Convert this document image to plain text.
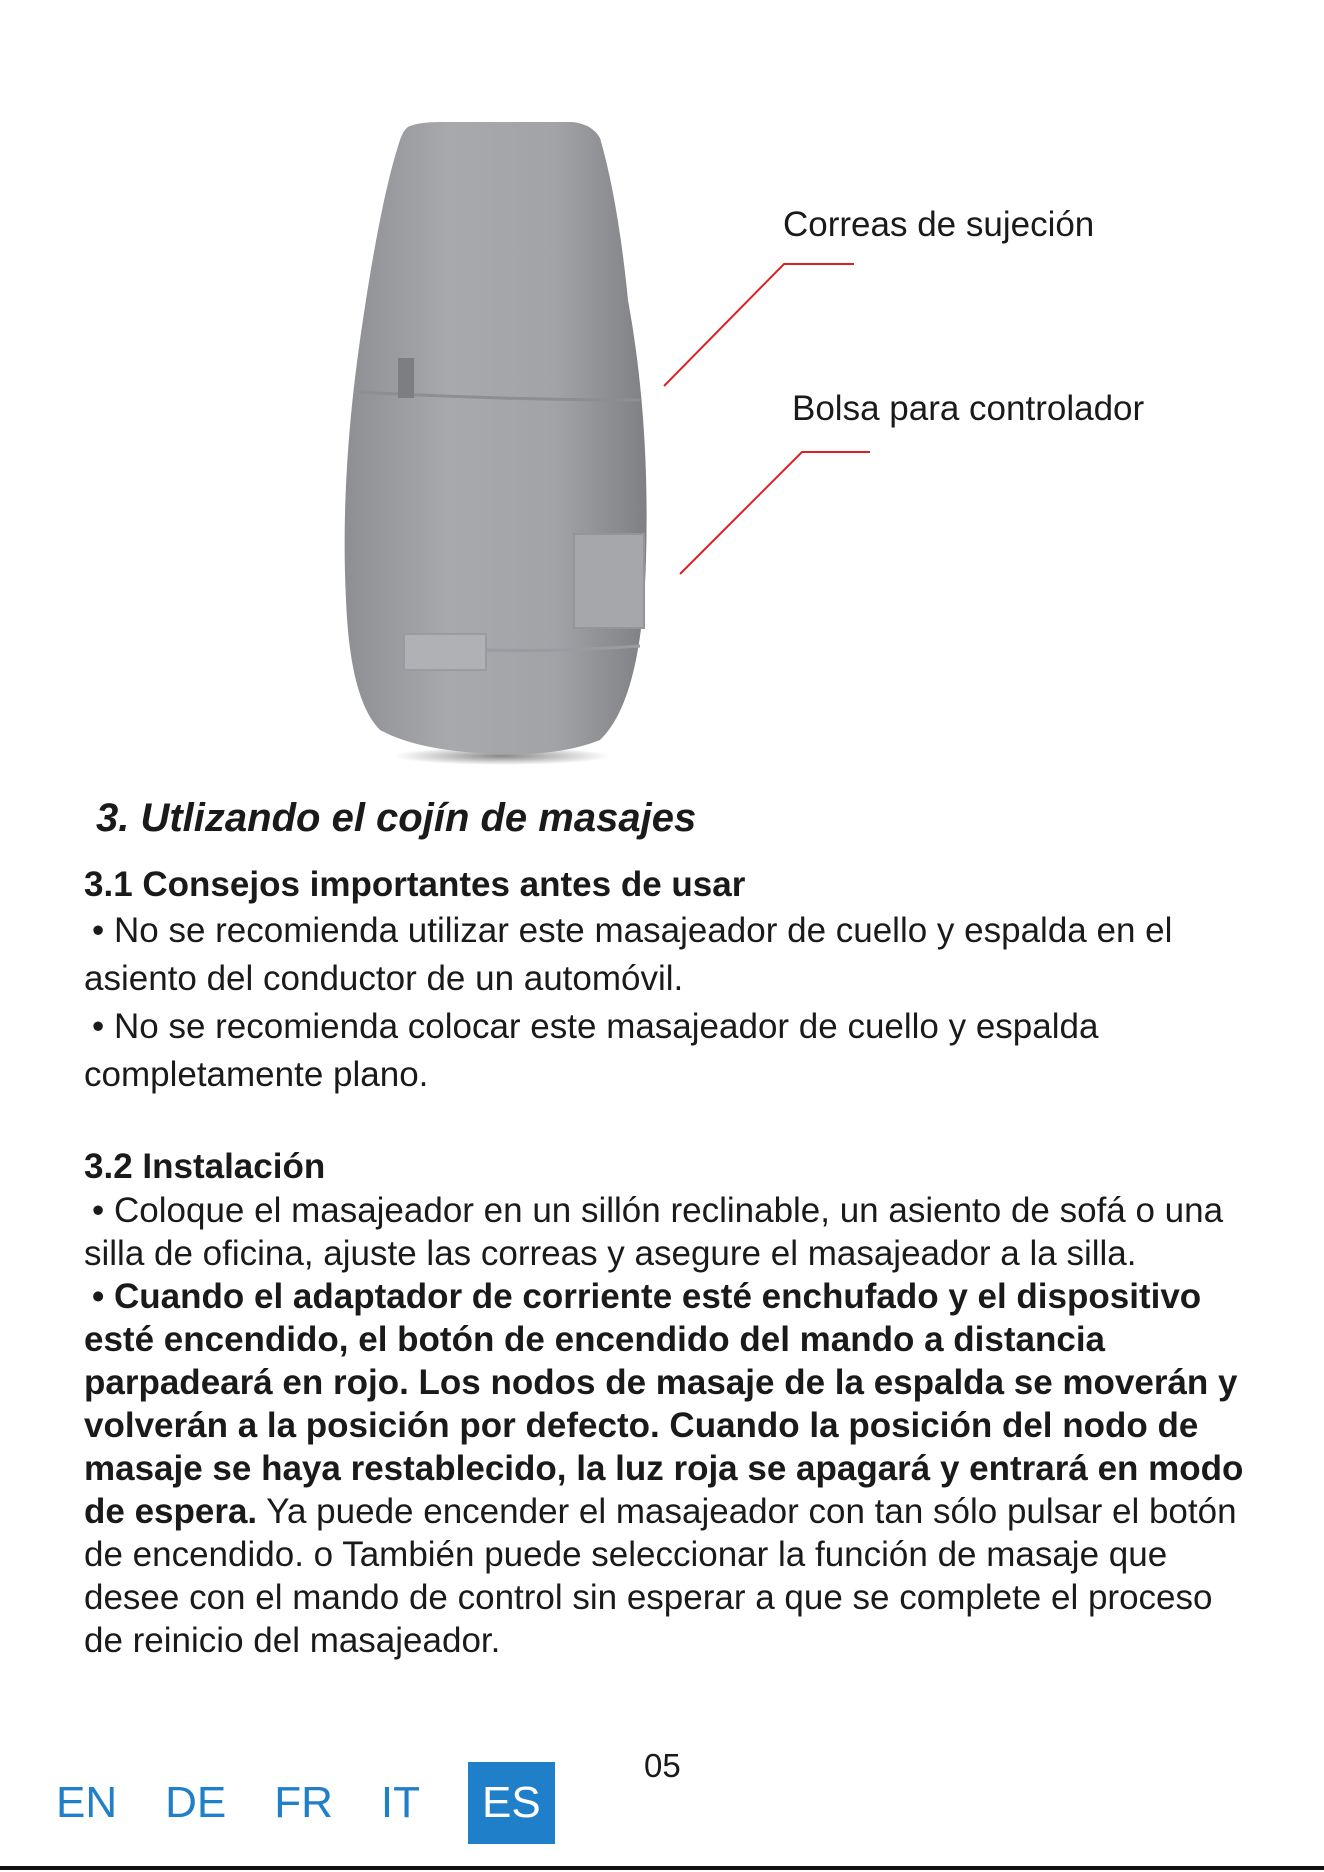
Correas de sujeción
Bolsa para controlador
3. Utlizando el cojín de masajes
3.1 Consejos importantes antes de usar

• No se recomienda utilizar este masajeador de cuello y espalda en el asiento del conductor de un automóvil.

• No se recomienda colocar este masajeador de cuello y espalda completamente plano.

3.2 Instalación

• Coloque el masajeador en un sillón reclinable, un asiento de sofá o una silla de oficina, ajuste las correas y asegure el masajeador a la silla.

• Cuando el adaptador de corriente esté enchufado y el dispositivo esté encendido, el botón de encendido del mando a distancia parpadeará en rojo. Los nodos de masaje de la espalda se moverán y volverán a la posición por defecto. Cuando la posición del nodo de masaje se haya restablecido, la luz roja se apagará y entrará en modo de espera. Ya puede encender el masajeador con tan sólo pulsar el botón de encendido. o También puede seleccionar la función de masaje que desee con el mando de control sin esperar a que se complete el proceso de reinicio del masajeador.

05
EN DE FR IT	ES
